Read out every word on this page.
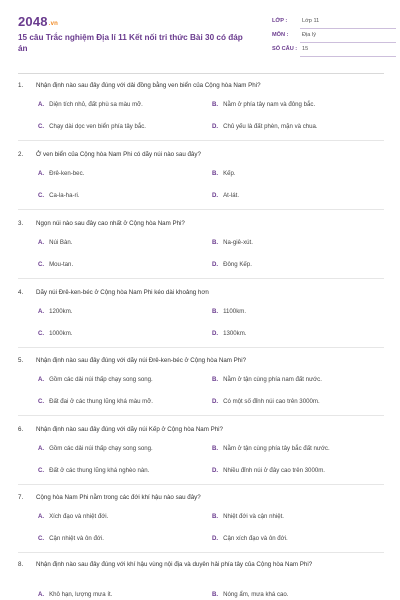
2048.vn
15 câu Trắc nghiệm Địa lí 11 Kết nối tri thức Bài 30 có đáp án
LỚP :	Lớp 11
MÔN : Địa lý
SỐ CÂU : 15
1. Nhận định nào sau đây đúng với dải đồng bằng ven biển của Cộng hòa Nam Phi?
A. Diện tích nhỏ, đất phù sa màu mỡ.	B. Nằm ở phía tây nam và đông bắc.
C. Chạy dài dọc ven biển phía tây bắc.	D. Chủ yếu là đất phèn, mặn và chua.
2. Ở ven biển của Cộng hòa Nam Phi có dãy núi nào sau đây?
A. Đrê-ken-bec.	B. Kếp.
C. Ca-la-ha-ri.	D. At-lát.
3. Ngọn núi nào sau đây cao nhất ở Cộng hòa Nam Phi?
A. Núi Bàn.	B. Na-giê-xút.
C. Mou-tan.	D. Đông Kếp.
4. Dãy núi Đrê-ken-béc ở Cộng hòa Nam Phi kéo dài khoảng hơn
A. 1200km.	B. 1100km.
C. 1000km.	D. 1300km.
5. Nhận định nào sau đây đúng với dãy núi Đrê-ken-béc ở Cộng hòa Nam Phi?
A. Gồm các dải núi thấp chạy song song.	B. Nằm ở tận cùng phía nam đất nước.
C. Đất đai ở các thung lũng khá màu mỡ.	D. Có một số đỉnh núi cao trên 3000m.
6. Nhận định nào sau đây đúng với dãy núi Kếp ở Cộng hòa Nam Phi?
A. Gồm các dải núi thấp chạy song song.	B. Nằm ở tận cùng phía tây bắc đất nước.
C. Đất ở các thung lũng khá nghèo nàn.	D. Nhiều đỉnh núi ở đây cao trên 3000m.
7. Cộng hòa Nam Phi nằm trong các đới khí hậu nào sau đây?
A. Xích đạo và nhiệt đới.	B. Nhiệt đới và cận nhiệt.
C. Cận nhiệt và ôn đới.	D. Cận xích đạo và ôn đới.
8. Nhận định nào sau đây đúng với khí hậu vùng nội địa và duyên hải phía tây của Cộng hòa Nam Phi?
A. Khô hạn, lượng mưa ít.	B. Nóng ẩm, mưa khá cao.
